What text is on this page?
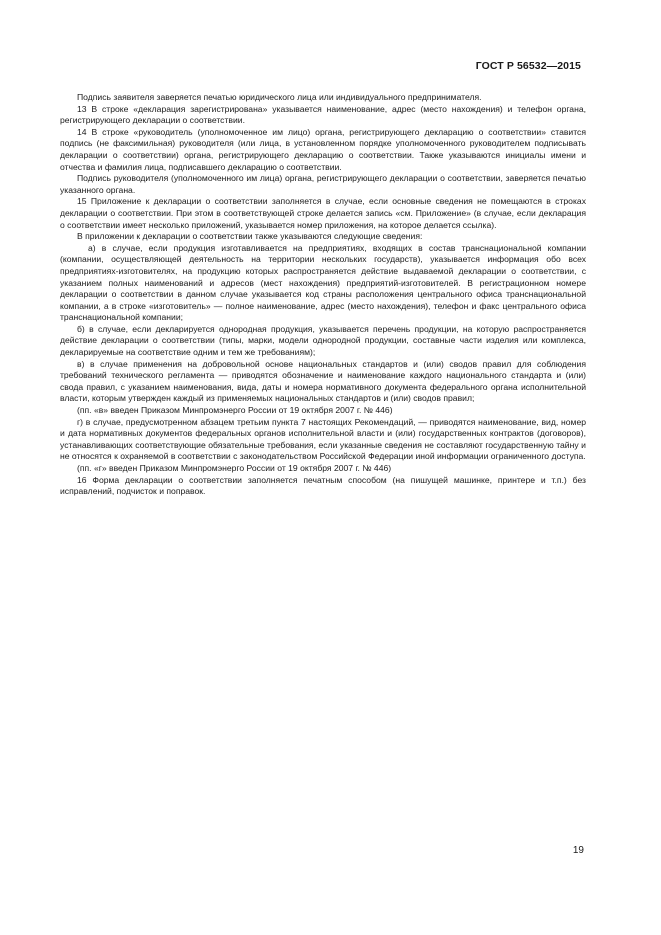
ГОСТ Р 56532—2015

Подпись заявителя заверяется печатью юридического лица или индивидуального предпринимателя.

13 В строке «декларация зарегистрирована» указывается наименование, адрес (место нахождения) и телефон органа, регистрирующего декларации о соответствии.

14 В строке «руководитель (уполномоченное им лицо) органа, регистрирующего декларацию о соответствии» ставится подпись (не факсимильная) руководителя (или лица, в установленном порядке уполномоченного руководителем подписывать декларации о соответствии) органа, регистрирующего декларацию о соответствии. Также указываются инициалы имени и отчества и фамилия лица, подписавшего декларацию о соответствии.

Подпись руководителя (уполномоченного им лица) органа, регистрирующего декларации о соответствии, заверяется печатью указанного органа.

15 Приложение к декларации о соответствии заполняется в случае, если основные сведения не помещаются в строках декларации о соответствии. При этом в соответствующей строке делается запись «см. Приложение» (в случае, если декларация о соответствии имеет несколько приложений, указывается номер приложения, на которое делается ссылка).

В приложении к декларации о соответствии также указываются следующие сведения:

а) в случае, если продукция изготавливается на предприятиях, входящих в состав транснациональной компании (компании, осуществляющей деятельность на территории нескольких государств), указывается информация обо всех предприятиях-изготовителях, на продукцию которых распространяется действие выдаваемой декларации о соответствии, с указанием полных наименований и адресов (мест нахождения) предприятий-изготовителей. В регистрационном номере декларации о соответствии в данном случае указывается код страны расположения центрального офиса транснациональной компании, а в строке «изготовитель» — полное наименование, адрес (место нахождения), телефон и факс центрального офиса транснациональной компании;

б) в случае, если декларируется однородная продукция, указывается перечень продукции, на которую распространяется действие декларации о соответствии (типы, марки, модели однородной продукции, составные части изделия или комплекса, декларируемые на соответствие одним и тем же требованиям);

в) в случае применения на добровольной основе национальных стандартов и (или) сводов правил для соблюдения требований технического регламента — приводятся обозначение и наименование каждого национального стандарта и (или) свода правил, с указанием наименования, вида, даты и номера нормативного документа федерального органа исполнительной власти, которым утвержден каждый из применяемых национальных стандартов и (или) сводов правил;

(пп. «в» введен Приказом Минпромэнерго России от 19 октября 2007 г. № 446)

г) в случае, предусмотренном абзацем третьим пункта 7 настоящих Рекомендаций, — приводятся наименование, вид, номер и дата нормативных документов федеральных органов исполнительной власти и (или) государственных контрактов (договоров), устанавливающих соответствующие обязательные требования, если указанные сведения не составляют государственную тайну и не относятся к охраняемой в соответствии с законодательством Российской Федерации иной информации ограниченного доступа.

(пп. «г» введен Приказом Минпромэнерго России от 19 октября 2007 г. № 446)

16 Форма декларации о соответствии заполняется печатным способом (на пишущей машинке, принтере и т.п.) без исправлений, подчисток и поправок.

19
